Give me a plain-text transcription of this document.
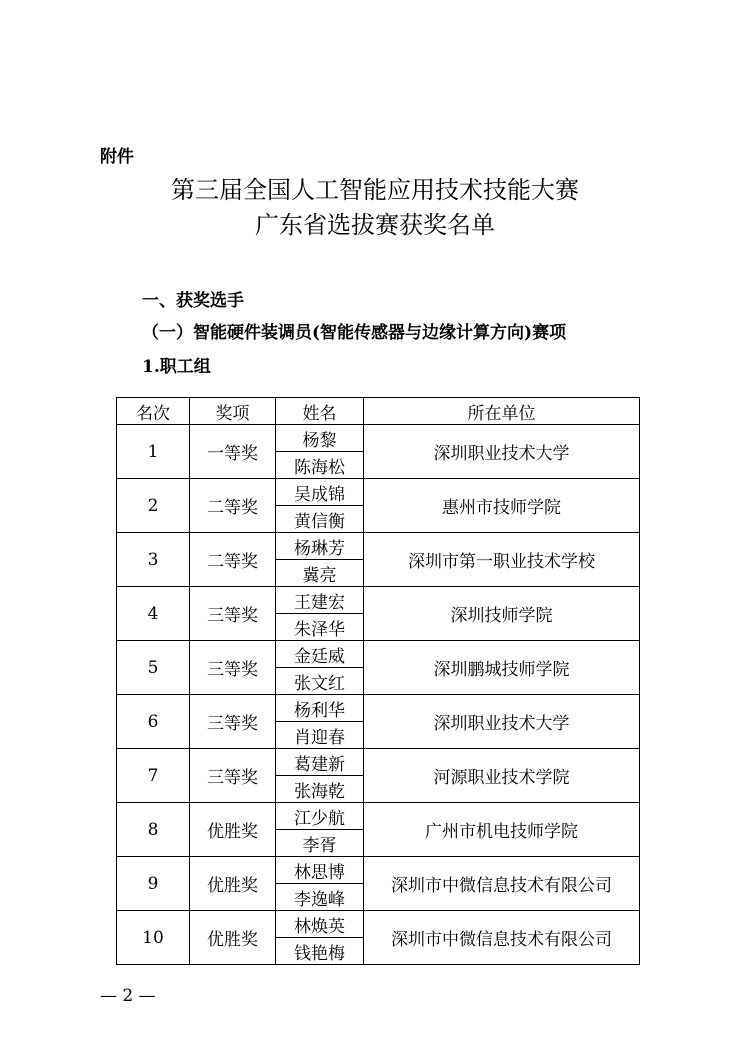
附件
第三届全国人工智能应用技术技能大赛
广东省选拔赛获奖名单
一、获奖选手
（一）智能硬件装调员(智能传感器与边缘计算方向)赛项
1.职工组
名次	奖项	姓名	所在单位
1	一等奖	杨黎	深圳职业技术大学
		陈海松	
2	二等奖	吴成锦	惠州市技师学院
		黄信衡	
3	二等奖	杨琳芳	深圳市第一职业技术学校
		冀亮	
4	三等奖	王建宏	深圳技师学院
		朱泽华	
5	三等奖	金廷威	深圳鹏城技师学院
		张文红	
6	三等奖	杨利华	深圳职业技术大学
		肖迎春	
7	三等奖	葛建新	河源职业技术学院
		张海乾	
8	优胜奖	江少航	广州市机电技师学院
		李胥	
9	优胜奖	林思博	深圳市中微信息技术有限公司
		李逸峰	
10	优胜奖	林焕英	深圳市中微信息技术有限公司
		钱艳梅	
— 2 —
